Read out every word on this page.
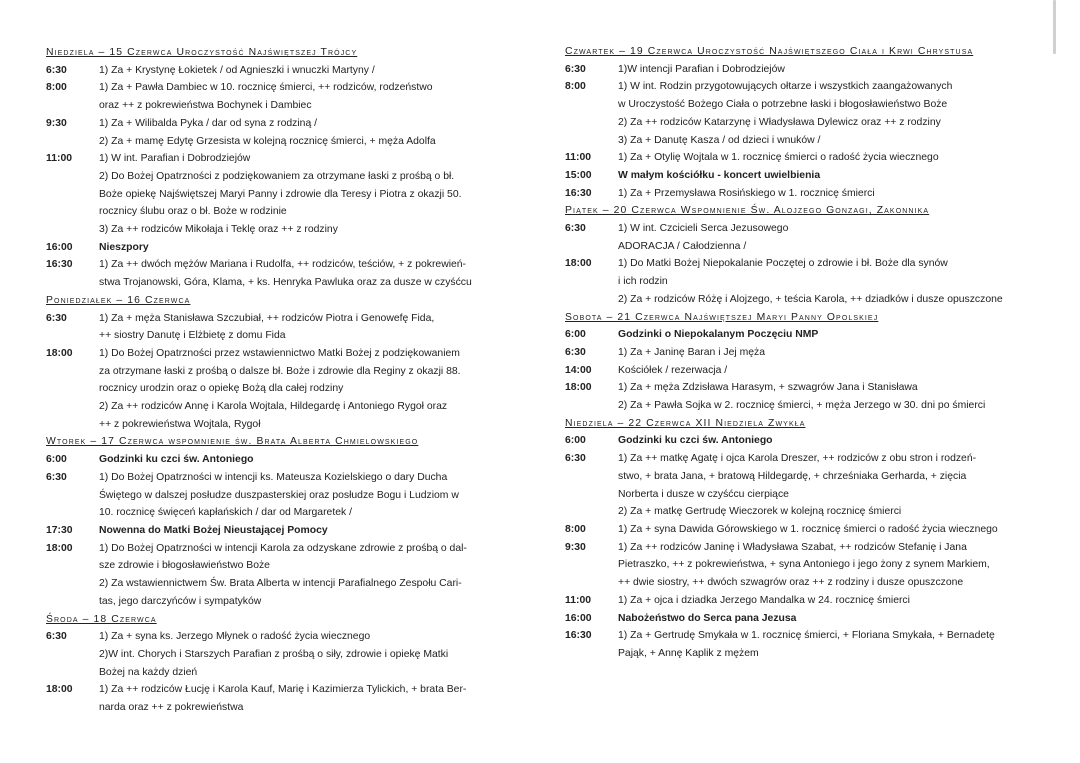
Niedziela – 15 Czerwca Uroczystość Najświętszej Trójcy
6:30	1) Za + Krystynę Łokietek / od Agnieszki i wnuczki Martyny /
8:00	1) Za + Pawła Dambiec w 10. rocznicę śmierci, ++ rodziców, rodzeństwo
oraz ++ z pokrewieństwa Bochynek i Dambiec
9:30	1) Za + Wilibalda Pyka / dar od syna z rodziną /
2) Za + mamę Edytę Grzesista w kolejną rocznicę śmierci, + męża Adolfa
11:00	1) W int. Parafian i Dobrodziejów
2) Do Bożej Opatrzności z podziękowaniem za otrzymane łaski z prośbą o bł.
Boże opiekę Najświętszej Maryi Panny i zdrowie dla Teresy i Piotra z okazji 50.
rocznicy ślubu oraz o bł. Boże w rodzinie
3) Za ++ rodziców Mikołaja i Teklę oraz ++ z rodziny
16:00	Nieszpory
16:30	1) Za ++ dwóch mężów Mariana i Rudolfa, ++ rodziców, teściów, + z pokrewień-
stwa Trojanowski, Góra, Klama, + ks. Henryka Pawluka oraz za dusze w czyśćcu
Poniedziałek – 16 Czerwca
6:30	1) Za + męża Stanisława Szczubiał, ++ rodziców Piotra i Genowefę Fida,
++ siostry Danutę i Elżbietę z domu Fida
18:00	1) Do Bożej Opatrzności przez wstawiennictwo Matki Bożej z podziękowaniem
za otrzymane łaski z prośbą o dalsze bł. Boże i zdrowie dla Reginy z okazji 88.
rocznicy urodzin oraz o opiekę Bożą dla całej rodziny
2) Za ++ rodziców Annę i Karola Wojtala, Hildegardę i Antoniego Rygoł oraz
++ z pokrewieństwa Wojtala, Rygoł
Wtorek – 17 Czerwca wspomnienie św. Brata Alberta Chmielowskiego
6:00	Godzinki ku czci św. Antoniego
6:30	1) Do Bożej Opatrzności w intencji ks. Mateusza Kozielskiego o dary Ducha
Świętego w dalszej posłudze duszpasterskiej oraz posłudze Bogu i Ludziom w
10. rocznicę święceń kapłańskich / dar od Margaretek /
17:30	Nowenna do Matki Bożej Nieustającej Pomocy
18:00	1) Do Bożej Opatrzności w intencji Karola za odzyskane zdrowie z prośbą o dal-
sze zdrowie i błogosławieństwo Boże
2) Za wstawiennictwem Św. Brata Alberta w intencji Parafialnego Zespołu Cari-
tas, jego darczyńców i sympatyków
Środa – 18 Czerwca
6:30	1) Za + syna ks. Jerzego Młynek o radość życia wiecznego
2)W int. Chorych i Starszych Parafian z prośbą o siły, zdrowie i opiekę Matki
Bożej na każdy dzień
18:00	1) Za ++ rodziców Łucję i Karola Kauf, Marię i Kazimierza Tylickich, + brata Ber-
narda oraz ++ z pokrewieństwa
Czwartek – 19 Czerwca Uroczystość Najświętszego Ciała i Krwi Chrystusa
6:30	1)W intencji Parafian i Dobrodziejów
8:00	1) W int. Rodzin przygotowujących ołtarze i wszystkich zaangażowanych
w Uroczystość Bożego Ciała o potrzebne łaski i błogosławieństwo Boże
2) Za ++ rodziców Katarzynę i Władysława Dylewicz oraz ++ z rodziny
3) Za + Danutę Kasza / od dzieci i wnuków /
11:00	1) Za + Otylię Wojtala w 1. rocznicę śmierci o radość życia wiecznego
15:00	W małym kościółku - koncert uwielbienia
16:30	1) Za + Przemysława Rosińskiego w 1. rocznicę śmierci
Piątek – 20 Czerwca Wspomnienie Św. Alojzego Gonzagi, Zakonnika
6:30	1) W int. Czcicieli Serca Jezusowego
ADORACJA / Całodzienna /
18:00	1) Do Matki Bożej Niepokalanie Poczętej o zdrowie i bł. Boże dla synów
i ich rodzin
2) Za + rodziców Różę i Alojzego, + teścia Karola, ++ dziadków i dusze opuszczone
Sobota – 21 Czerwca Najświętszej Maryi Panny Opolskiej
6:00	Godzinki o Niepokalanym Poczęciu NMP
6:30	1) Za + Janinę Baran i Jej męża
14:00	Kościółek / rezerwacja /
18:00	1) Za + męża Zdzisława Harasym, + szwagrów Jana i Stanisława
2) Za + Pawła Sojka w 2. rocznicę śmierci, + męża Jerzego w 30. dni po śmierci
Niedziela – 22 Czerwca XII Niedziela Zwykła
6:00	Godzinki ku czci św. Antoniego
6:30	1) Za ++ matkę Agatę i ojca Karola Dreszer, ++ rodziców z obu stron i rodzeń-
stwo, + brata Jana, + bratową Hildegardę, + chrześniaka Gerharda, + zięcia
Norberta i dusze w czyśćcu cierpiące
2) Za + matkę Gertrudę Wieczorek w kolejną rocznicę śmierci
8:00	1) Za + syna Dawida Górowskiego w 1. rocznicę śmierci o radość życia wiecznego
9:30	1) Za ++ rodziców Janinę i Władysława Szabat, ++ rodziców Stefanię i Jana
Pietraszko, ++ z pokrewieństwa, + syna Antoniego i jego żony z synem Markiem,
++ dwie siostry, ++ dwóch szwagrów oraz ++ z rodziny i dusze opuszczone
11:00	1) Za + ojca i dziadka Jerzego Mandalka w 24. rocznicę śmierci
16:00	Nabożeństwo do Serca pana Jezusa
16:30	1) Za + Gertrudę Smykała w 1. rocznicę śmierci, + Floriana Smykała, + Bernadetę
Pająk, + Annę Kaplik z mężem
